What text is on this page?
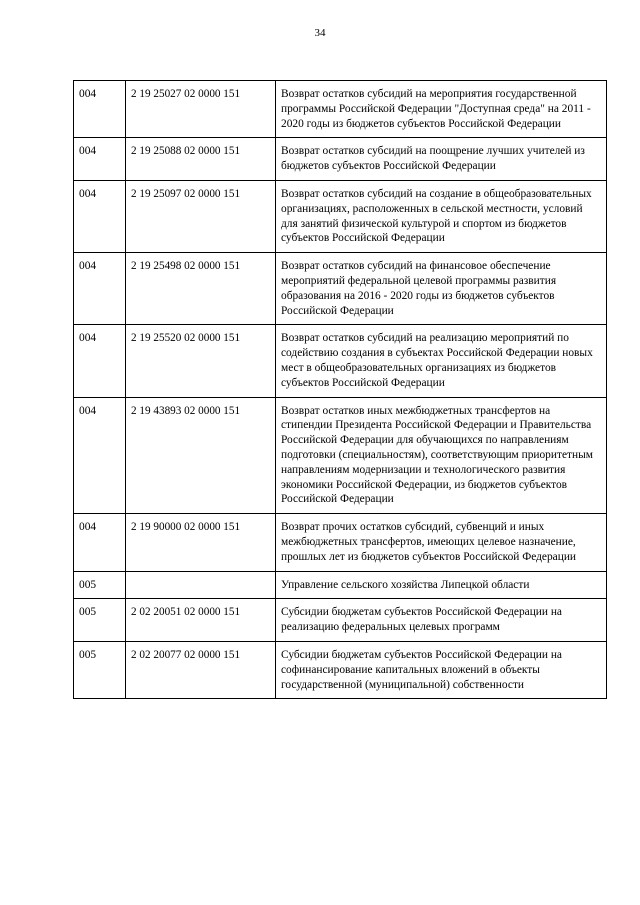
34
004	2 19 25027 02 0000 151	Возврат остатков субсидий на мероприятия государственной программы Российской Федерации "Доступная среда" на 2011 - 2020 годы из бюджетов субъектов Российской Федерации
004	2 19 25088 02 0000 151	Возврат остатков субсидий на поощрение лучших учителей из бюджетов субъектов Российской Федерации
004	2 19 25097 02 0000 151	Возврат остатков субсидий на создание в общеобразовательных организациях, расположенных в сельской местности, условий для занятий физической культурой и спортом из бюджетов субъектов Российской Федерации
004	2 19 25498 02 0000 151	Возврат остатков субсидий на финансовое обеспечение мероприятий федеральной целевой программы развития образования на 2016 - 2020 годы из бюджетов субъектов Российской Федерации
004	2 19 25520 02 0000 151	Возврат остатков субсидий на реализацию мероприятий по содействию создания в субъектах Российской Федерации новых мест в общеобразовательных организациях из бюджетов субъектов Российской Федерации
004	2 19 43893 02 0000 151	Возврат остатков иных межбюджетных трансфертов на стипендии Президента Российской Федерации и Правительства Российской Федерации для обучающихся по направлениям подготовки (специальностям), соответствующим приоритетным направлениям модернизации и технологического развития экономики Российской Федерации, из бюджетов субъектов Российской Федерации
004	2 19 90000 02 0000 151	Возврат прочих остатков субсидий, субвенций и иных межбюджетных трансфертов, имеющих целевое назначение, прошлых лет из бюджетов субъектов Российской Федерации
005		Управление сельского хозяйства Липецкой области
005	2 02 20051 02 0000 151	Субсидии бюджетам субъектов Российской Федерации на реализацию федеральных целевых программ
005	2 02 20077 02 0000 151	Субсидии бюджетам субъектов Российской Федерации на софинансирование капитальных вложений в объекты государственной (муниципальной) собственности
